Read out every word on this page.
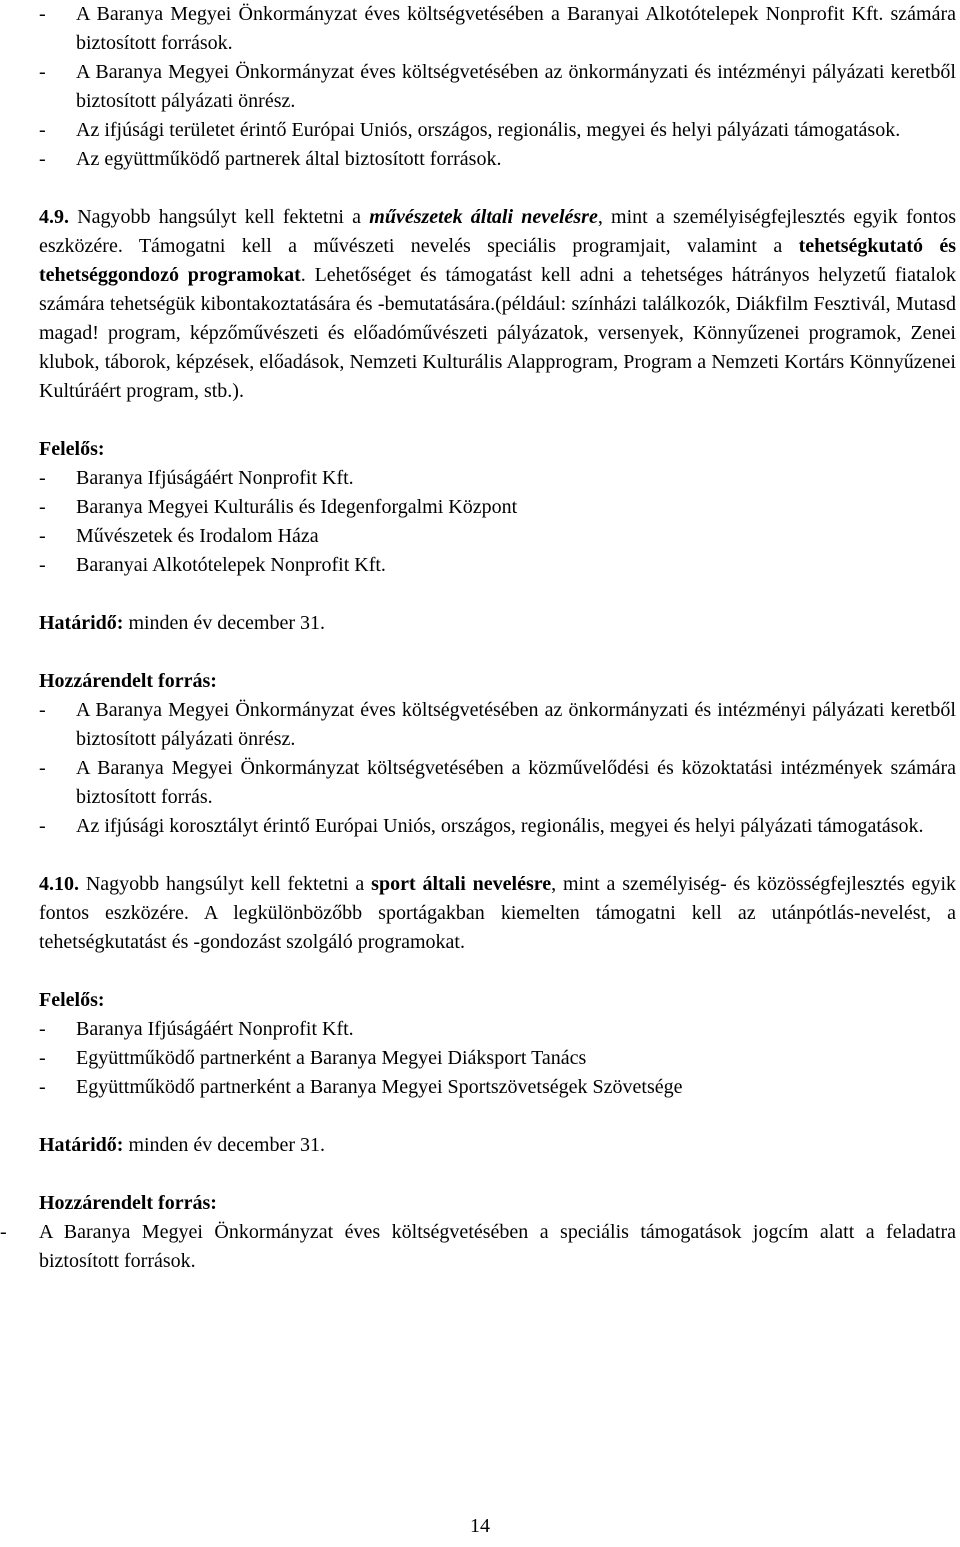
- A Baranya Megyei Önkormányzat éves költségvetésében a Baranyai Alkotótelepek Nonprofit Kft. számára biztosított források.
- A Baranya Megyei Önkormányzat éves költségvetésében az önkormányzati és intézményi pályázati keretből biztosított pályázati önrész.
- Az ifjúsági területet érintő Európai Uniós, országos, regionális, megyei és helyi pályázati támogatások.
- Az együttműködő partnerek által biztosított források.
4.9. Nagyobb hangsúlyt kell fektetni a művészetek általi nevelésre, mint a személyiségfejlesztés egyik fontos eszközére. Támogatni kell a művészeti nevelés speciális programjait, valamint a tehetségkutató és tehetséggondozó programokat. Lehetőséget és támogatást kell adni a tehetséges hátrányos helyzetű fiatalok számára tehetségük kibontakoztatására és -bemutatására.(például: színházi találkozók, Diákfilm Fesztivál, Mutasd magad! program, képzőművészeti és előadóművészeti pályázatok, versenyek, Könnyűzenei programok, Zenei klubok, táborok, képzések, előadások, Nemzeti Kulturális Alapprogram, Program a Nemzeti Kortárs Könnyűzenei Kultúráért program, stb.).
Felelős:
- Baranya Ifjúságáért Nonprofit Kft.
- Baranya Megyei Kulturális és Idegenforgalmi Központ
- Művészetek és Irodalom Háza
- Baranyai Alkotótelepek Nonprofit Kft.
Határidő: minden év december 31.
Hozzárendelt forrás:
- A Baranya Megyei Önkormányzat éves költségvetésében az önkormányzati és intézményi pályázati keretből biztosított pályázati önrész.
- A Baranya Megyei Önkormányzat költségvetésében a közművelődési és közoktatási intézmények számára biztosított forrás.
- Az ifjúsági korosztályt érintő Európai Uniós, országos, regionális, megyei és helyi pályázati támogatások.
4.10. Nagyobb hangsúlyt kell fektetni a sport általi nevelésre, mint a személyiség- és közösségfejlesztés egyik fontos eszközére. A legkülönbözőbb sportágakban kiemelten támogatni kell az utánpótlás-nevelést, a tehetségkutatást és -gondozást szolgáló programokat.
Felelős:
- Baranya Ifjúságáért Nonprofit Kft.
- Együttműködő partnerként a Baranya Megyei Diáksport Tanács
- Együttműködő partnerként a Baranya Megyei Sportszövetségek Szövetsége
Határidő: minden év december 31.
Hozzárendelt forrás:
- A Baranya Megyei Önkormányzat éves költségvetésében a speciális támogatások jogcím alatt a feladatra biztosított források.
14
